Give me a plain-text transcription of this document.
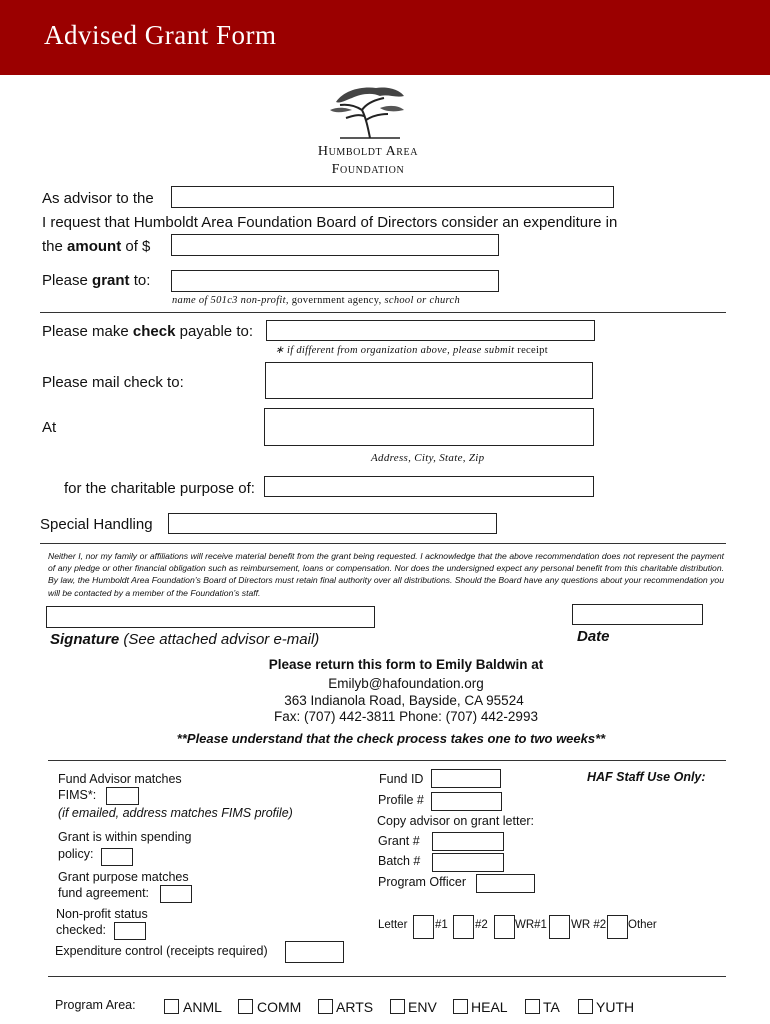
Advised Grant Form
Humboldt Area
Foundation
As advisor to the
I request that Humboldt Area Foundation Board of Directors consider an expenditure in
the amount of $
Please grant to:
name of 501c3 non-profit, government agency, school or church
Please make check payable to:
∗ if different from organization above, please submit receipt
Please mail check to:
At
Address, City, State, Zip
for the charitable purpose of:
Special Handling
Neither I, nor my family or affiliations will receive material benefit from the grant being requested. I acknowledge that the above recommendation does not represent the payment of any pledge or other financial obligation such as reimbursement, loans or compensation. Nor does the undersigned expect any personal benefit from this charitable distribution. By law, the Humboldt Area Foundation’s Board of Directors must retain final authority over all distributions. Should the Board have any questions about your recommendation you will be contacted by a member of the Foundation’s staff.
Signature (See attached advisor e-mail)	Date
Please return this form to Emily Baldwin at
Emilyb@hafoundation.org
363 Indianola Road, Bayside, CA 95524
Fax: (707) 442-3811 Phone: (707) 442-2993
**Please understand that the check process takes one to two weeks**
Fund Advisor matches
FIMS*:
(if emailed, address matches FIMS profile)
Grant is within spending
policy:
Grant purpose matches
fund agreement:
Non-profit status
checked:
Expenditure control (receipts required)
Fund ID	HAF Staff Use Only:
Profile #
Copy advisor on grant letter:
Grant #
Batch #
Program Officer
Letter #1 #2 WR#1 WR #2 Other
Program Area:	ANML	COMM ARTS ENV HEAL	TA	YUTH
